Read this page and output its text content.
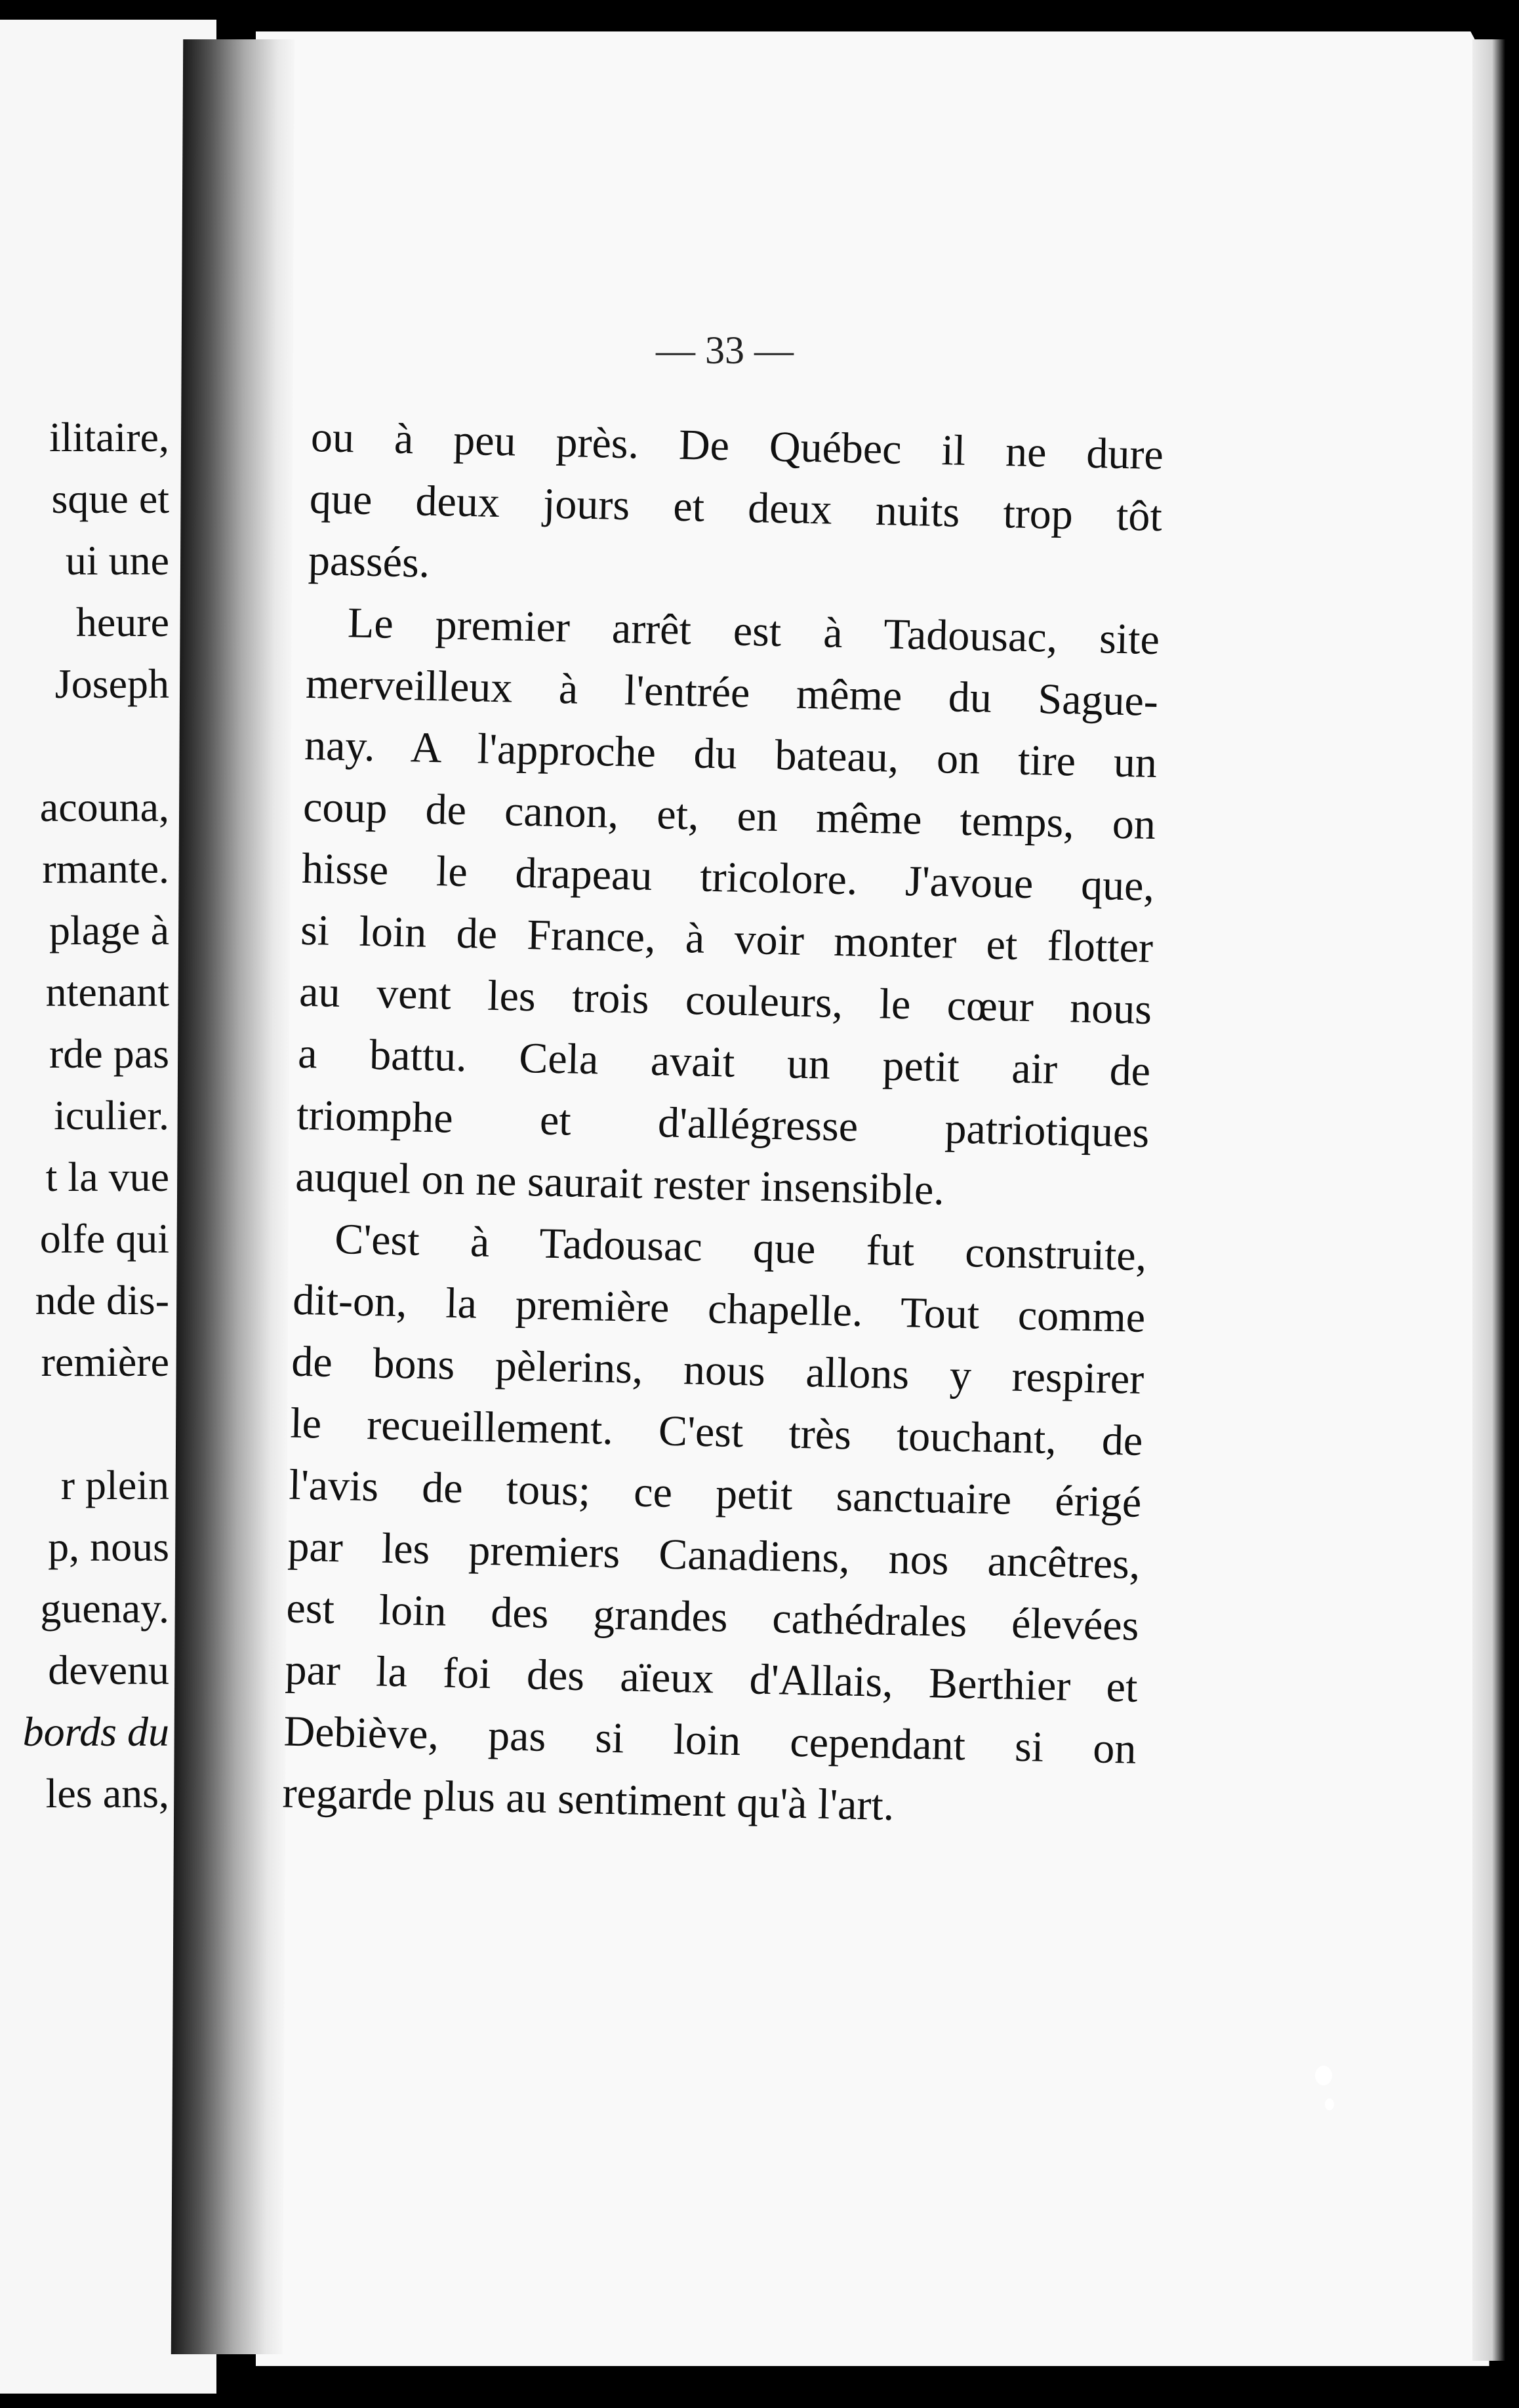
ilitaire,
sque et
ui une
heure
Joseph
acouna,
rmante.
plage à
ntenant
rde pas
iculier.
t la vue
olfe qui
nde dis-
remière
r plein
p, nous
guenay.
devenu
bords du
les ans,
— 33 —
ou à peu près. De Québec il ne dure
que deux jours et deux nuits trop tôt
passés.
Le premier arrêt est à Tadousac, site
merveilleux à l'entrée même du Sague-
nay. A l'approche du bateau, on tire un
coup de canon, et, en même temps, on
hisse le drapeau tricolore. J'avoue que,
si loin de France, à voir monter et flotter
au vent les trois couleurs, le cœur nous
a battu. Cela avait un petit air de
triomphe et d'allégresse patriotiques
auquel on ne saurait rester insensible.
C'est à Tadousac que fut construite,
dit-on, la première chapelle. Tout comme
de bons pèlerins, nous allons y respirer
le recueillement. C'est très touchant, de
l'avis de tous; ce petit sanctuaire érigé
par les premiers Canadiens, nos ancêtres,
est loin des grandes cathédrales élevées
par la foi des aïeux d'Allais, Berthier et
Debiève, pas si loin cependant si on
regarde plus au sentiment qu'à l'art.
